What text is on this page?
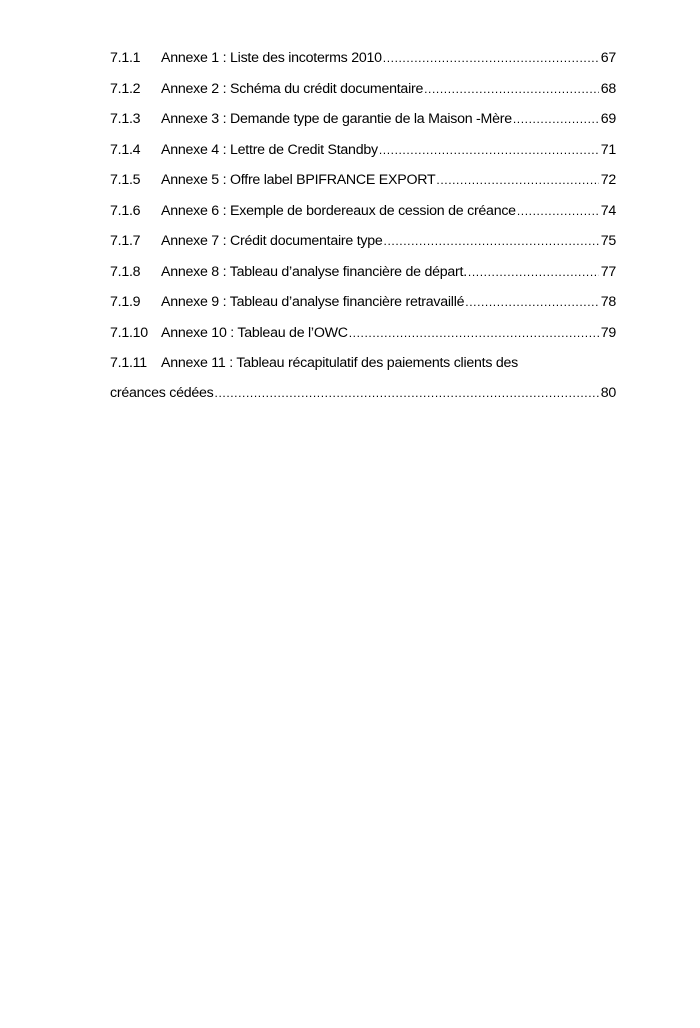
7.1.1	Annexe 1 : Liste des incoterms 2010 .....	67
7.1.2	Annexe 2 : Schéma du crédit documentaire .....	68
7.1.3	Annexe 3 : Demande type de garantie de la Maison -Mère .....	69
7.1.4	Annexe 4 : Lettre de Credit Standby .....	71
7.1.5	Annexe 5 : Offre label BPIFRANCE EXPORT .....	72
7.1.6	Annexe 6 : Exemple de bordereaux de cession de créance .....	74
7.1.7	Annexe 7 : Crédit documentaire type .....	75
7.1.8	Annexe 8 : Tableau d’analyse financière de départ. .....	77
7.1.9	Annexe 9 : Tableau d’analyse financière retravaillé .....	78
7.1.10 Annexe 10 : Tableau de l’OWC .....	79
7.1.11 Annexe 11 : Tableau récapitulatif des paiements clients des
créances cédées .....	80
